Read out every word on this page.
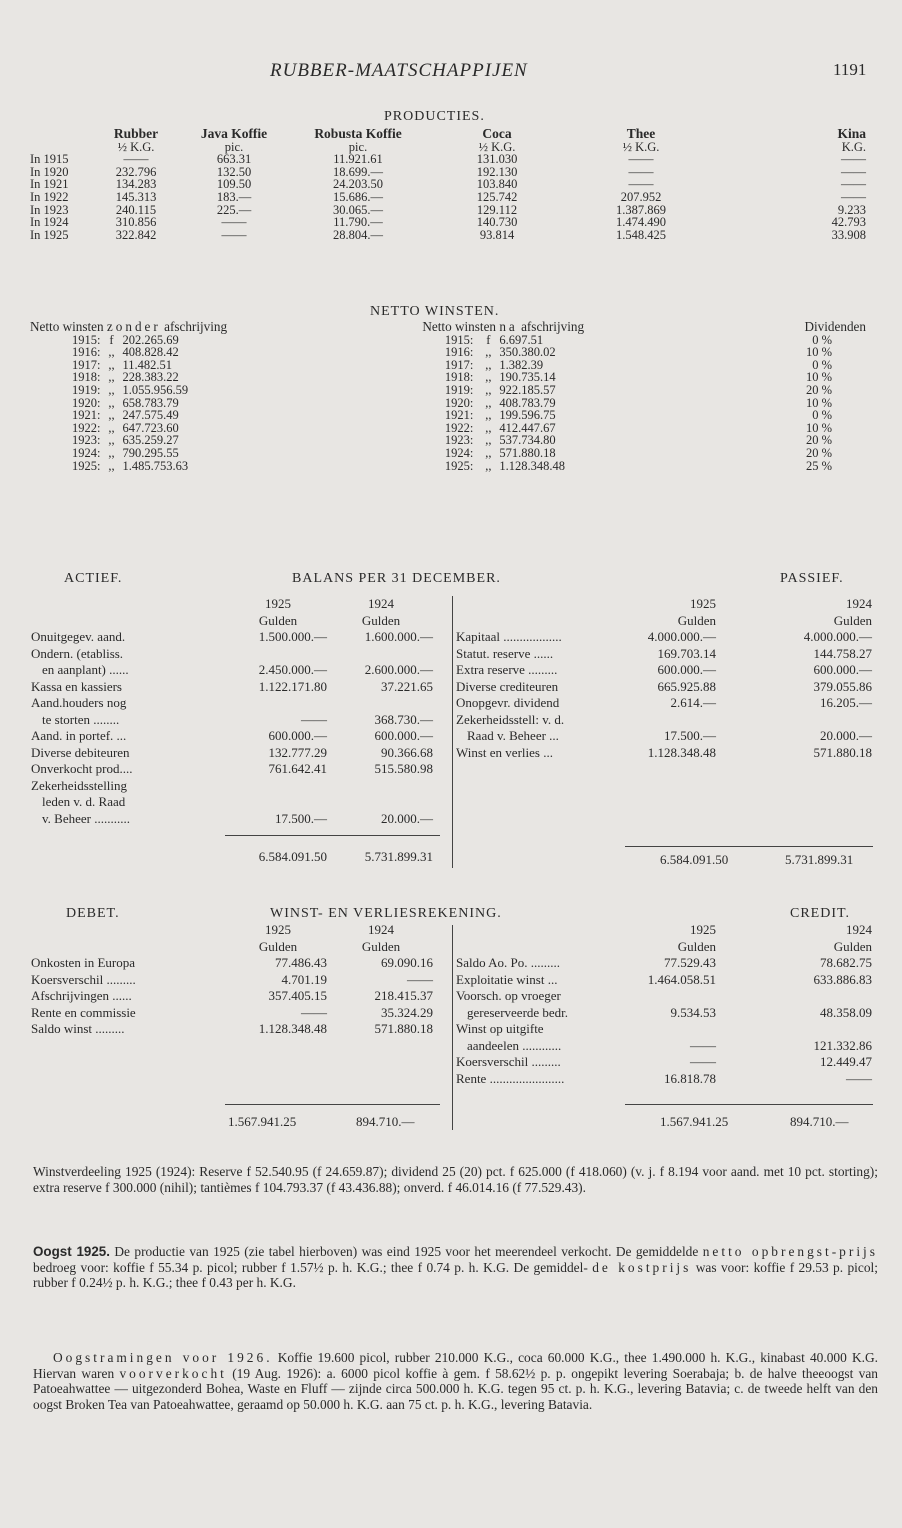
RUBBER-MAATSCHAPPIJEN	1191
PRODUCTIES.
	Rubber	Java Koffie	Robusta Koffie	Coca	Thee	Kina
	½ K.G.	pic.	pic.	½ K.G.	½ K.G.	K.G.
In 1915	——	663.31	11.921.61	131.030	——	——
In 1920	232.796	132.50	18.699.—	192.130	——	——
In 1921	134.283	109.50	24.203.50	103.840	——	——
In 1922	145.313	183.—	15.686.—	125.742	207.952	——
In 1923	240.115	225.—	30.065.—	129.112	1.387.869	9.233
In 1924	310.856	——	11.790.—	140.730	1.474.490	42.793
In 1925	322.842	——	28.804.—	93.814	1.548.425	33.908
NETTO WINSTEN.
Netto winsten zonder afschrijving			Netto winsten na afschrijving			Dividenden
1915:	f	202.265.69	1915:	f	6.697.51	0 %
1916:	,,	408.828.42	1916:	,,	350.380.02	10 %
1917:	,,	11.482.51	1917:	,,	1.382.39	0 %
1918:	,,	228.383.22	1918:	,,	190.735.14	10 %
1919:	,,	1.055.956.59	1919:	,,	922.185.57	20 %
1920:	,,	658.783.79	1920:	,,	408.783.79	10 %
1921:	,,	247.575.49	1921:	,,	199.596.75	0 %
1922:	,,	647.723.60	1922:	,,	412.447.67	10 %
1923:	,,	635.259.27	1923:	,,	537.734.80	20 %
1924:	,,	790.295.55	1924:	,,	571.880.18	20 %
1925:	,,	1.485.753.63	1925:	,,	1.128.348.48	25 %
ACTIEF.	BALANS PER 31 DECEMBER.	PASSIEF.
	1925	1924
	Gulden	Gulden
Onuitgegev. aand.	1.500.000.—	1.600.000.—
Ondern. (etabliss.		
en aanplant) ......	2.450.000.—	2.600.000.—
Kassa en kassiers	1.122.171.80	37.221.65
Aand.houders nog		
te storten ........	——	368.730.—
Aand. in portef. ...	600.000.—	600.000.—
Diverse debiteuren	132.777.29	90.366.68
Onverkocht prod....	761.642.41	515.580.98
Zekerheidsstelling		
leden v. d. Raad		
v. Beheer ...........	17.500.—	20.000.—

	6.584.091.50	5.731.899.31
	1925	1924
	Gulden	Gulden
Kapitaal ..................	4.000.000.—	4.000.000.—
Statut. reserve ......	169.703.14	144.758.27
Extra reserve .........	600.000.—	600.000.—
Diverse crediteuren	665.925.88	379.055.86
Onopgevr. dividend	2.614.—	16.205.—
Zekerheidsstell: v. d.		
Raad v. Beheer ...	17.500.—	20.000.—
Winst en verlies ...	1.128.348.48	571.880.18
6.584.091.50	5.731.899.31
DEBET.	WINST- EN VERLIESREKENING.	CREDIT.
	1925	1924
	Gulden	Gulden
Onkosten in Europa	77.486.43	69.090.16
Koersverschil .........	4.701.19	——
Afschrijvingen ......	357.405.15	218.415.37
Rente en commissie	——	35.324.29
Saldo winst .........	1.128.348.48	571.880.18
1.567.941.25	894.710.—
	1925	1924
	Gulden	Gulden
Saldo Ao. Po. .........	77.529.43	78.682.75
Exploitatie winst ...	1.464.058.51	633.886.83
Voorsch. op vroeger		
gereserveerde bedr.	9.534.53	48.358.09
Winst op uitgifte		
aandeelen ............	——	121.332.86
Koersverschil .........	——	12.449.47
Rente .......................	16.818.78	——
1.567.941.25	894.710.—
Winstverdeeling 1925 (1924): Reserve f 52.540.95 (f 24.659.87); dividend 25 (20) pct. f 625.000 (f 418.060) (v. j. f 8.194 voor aand. met 10 pct. storting); extra reserve f 300.000 (nihil); tantièmes f 104.793.37 (f 43.436.88); onverd. f 46.014.16 (f 77.529.43).
Oogst 1925. De productie van 1925 (zie tabel hierboven) was eind 1925 voor het meerendeel verkocht. De gemiddelde netto opbrengst-prijs bedroeg voor: koffie f 55.34 p. picol; rubber f 1.57½ p. h. K.G.; thee f 0.74 p. h. K.G. De gemiddel- de kostprijs was voor: koffie f 29.53 p. picol; rubber f 0.24½ p. h. K.G.; thee f 0.43 per h. K.G.
Oogstramingen voor 1926. Koffie 19.600 picol, rubber 210.000 K.G., coca 60.000 K.G., thee 1.490.000 h. K.G., kinabast 40.000 K.G. Hiervan waren voorverkocht (19 Aug. 1926): a. 6000 picol koffie à gem. f 58.62½ p. p. ongepikt levering Soerabaja; b. de halve theeoogst van Patoeahwattee — uitgezonderd Bohea, Waste en Fluff — zijnde circa 500.000 h. K.G. tegen 95 ct. p. h. K.G., levering Batavia; c. de tweede helft van den oogst Broken Tea van Patoeahwattee, geraamd op 50.000 h. K.G. aan 75 ct. p. h. K.G., levering Batavia.
